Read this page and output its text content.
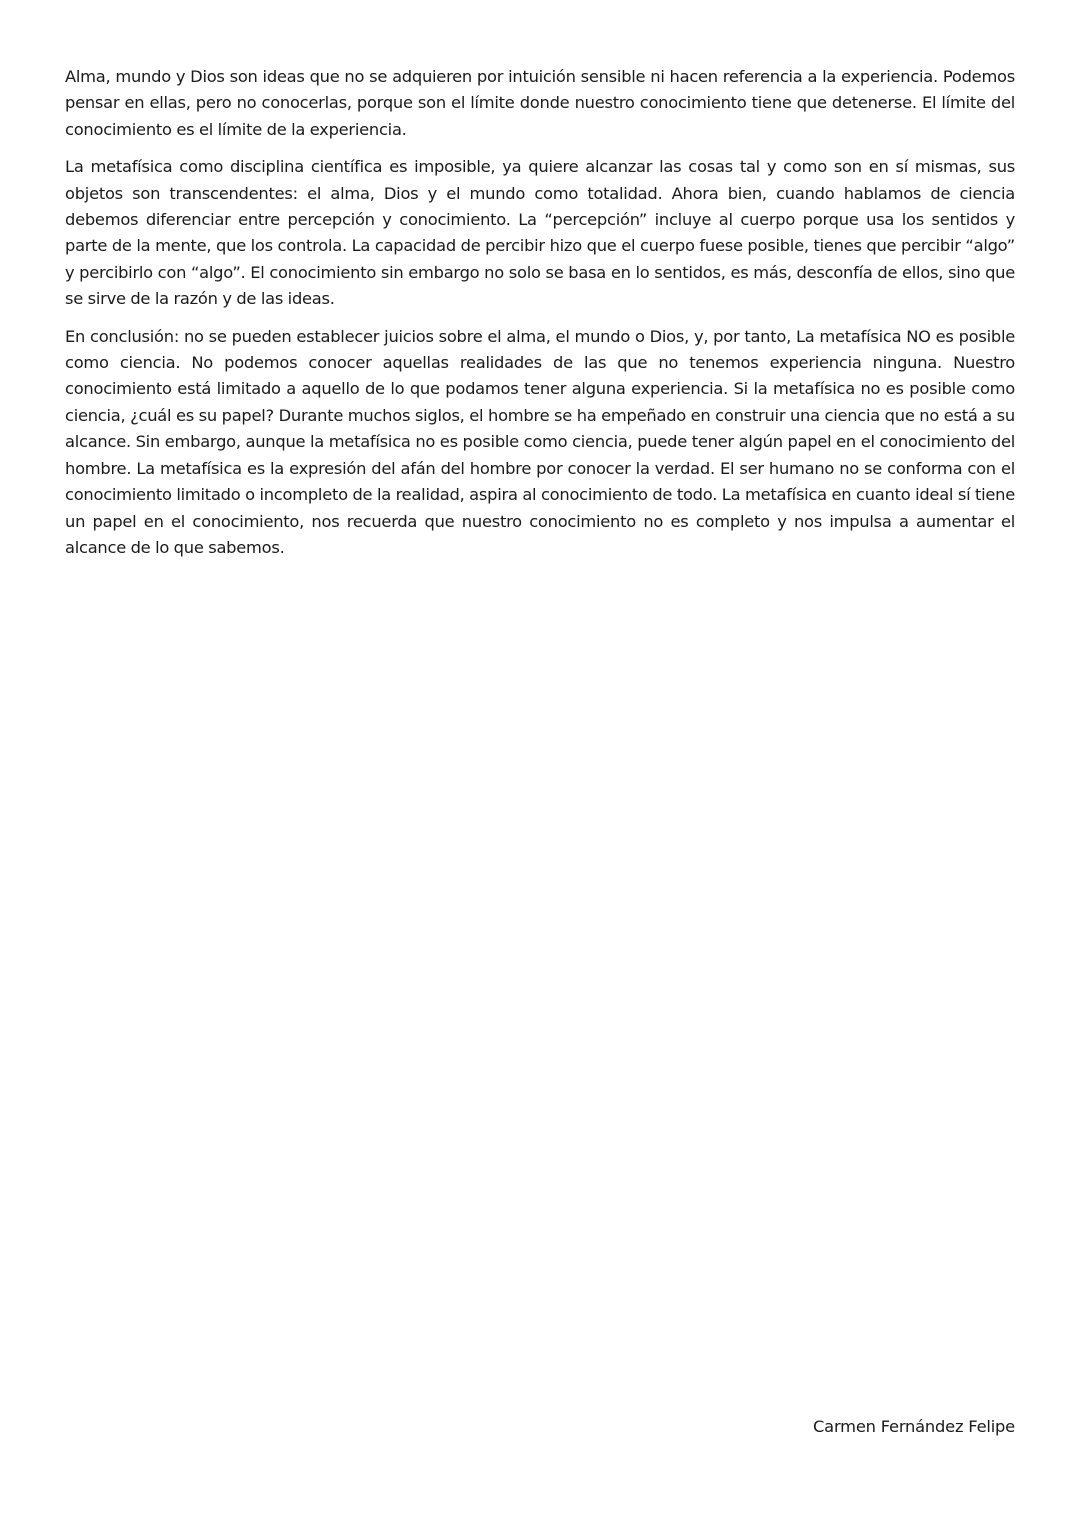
Alma, mundo y Dios son ideas que no se adquieren por intuición sensible ni hacen referencia a la experiencia. Podemos pensar en ellas, pero no conocerlas, porque son el límite donde nuestro conocimiento tiene que detenerse. El límite del conocimiento es el límite de la experiencia.

La metafísica como disciplina científica es imposible, ya quiere alcanzar las cosas tal y como son en sí mismas, sus objetos son transcendentes: el alma, Dios y el mundo como totalidad. Ahora bien, cuando hablamos de ciencia debemos diferenciar entre percepción y conocimiento. La “percepción” incluye al cuerpo porque usa los sentidos y parte de la mente, que los controla. La capacidad de percibir hizo que el cuerpo fuese posible, tienes que percibir “algo” y percibirlo con “algo”. El conocimiento sin embargo no solo se basa en lo sentidos, es más, desconfía de ellos, sino que se sirve de la razón y de las ideas.

En conclusión: no se pueden establecer juicios sobre el alma, el mundo o Dios, y, por tanto, La metafísica NO es posible como ciencia. No podemos conocer aquellas realidades de las que no tenemos experiencia ninguna. Nuestro conocimiento está limitado a aquello de lo que podamos tener alguna experiencia. Si la metafísica no es posible como ciencia, ¿cuál es su papel? Durante muchos siglos, el hombre se ha empeñado en construir una ciencia que no está a su alcance. Sin embargo, aunque la metafísica no es posible como ciencia, puede tener algún papel en el conocimiento del hombre. La metafísica es la expresión del afán del hombre por conocer la verdad. El ser humano no se conforma con el conocimiento limitado o incompleto de la realidad, aspira al conocimiento de todo. La metafísica en cuanto ideal sí tiene un papel en el conocimiento, nos recuerda que nuestro conocimiento no es completo y nos impulsa a aumentar el alcance de lo que sabemos.

Carmen Fernández Felipe
